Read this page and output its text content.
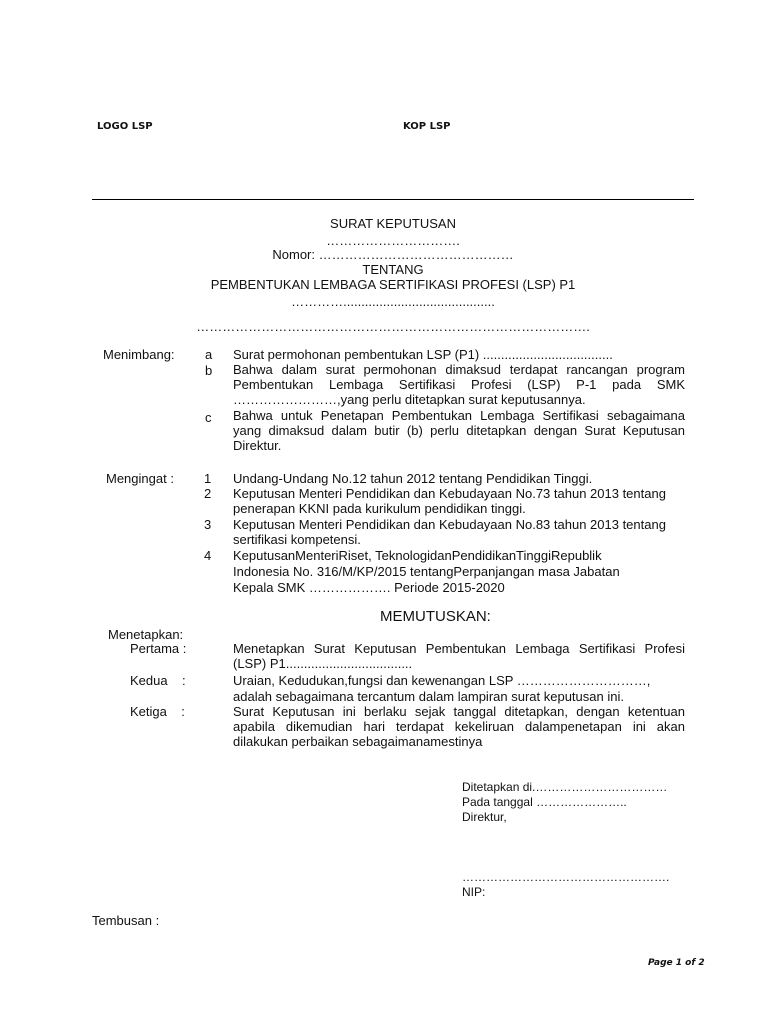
LOGO LSP	KOP LSP
SURAT KEPUTUSAN
………………………….
Nomor: ………………………………………
TENTANG
PEMBENTUKAN LEMBAGA SERTIFIKASI PROFESI (LSP) P1
…………..........................................
……………………………………………………………………………….
Menimbang: a Surat permohonan pembentukan LSP (P1) ....................................
b Bahwa dalam surat permohonan dimaksud terdapat rancangan program Pembentukan Lembaga Sertifikasi Profesi (LSP) P-1 pada SMK ……………………,yang perlu ditetapkan surat keputusannya.
c Bahwa untuk Penetapan Pembentukan Lembaga Sertifikasi sebagaimana yang dimaksud dalam butir (b) perlu ditetapkan dengan Surat Keputusan Direktur.
Mengingat : 1 Undang-Undang No.12 tahun 2012 tentang Pendidikan Tinggi.
2 Keputusan Menteri Pendidikan dan Kebudayaan No.73 tahun 2013 tentang penerapan KKNI pada kurikulum pendidikan tinggi.
3 Keputusan Menteri Pendidikan dan Kebudayaan No.83 tahun 2013 tentang sertifikasi kompetensi.
4 KeputusanMenteriRiset, TeknologidanPendidikanTinggiRepublik
Indonesia No. 316/M/KP/2015 tentangPerpanjangan masa Jabatan
Kepala SMK ………………. Periode 2015-2020
MEMUTUSKAN:
Menetapkan:
Pertama :	Menetapkan Surat Keputusan Pembentukan Lembaga Sertifikasi Profesi (LSP) P1...................................
Kedua    :	Uraian, Kedudukan,fungsi dan kewenangan LSP …………………………,
adalah sebagaimana tercantum dalam lampiran surat keputusan ini.
Ketiga    :	Surat Keputusan ini berlaku sejak tanggal ditetapkan, dengan ketentuan apabila dikemudian hari terdapat kekeliruan dalampenetapan ini akan dilakukan perbaikan sebagaimanamestinya
Ditetapkan di.……………………………
Pada tanggal …………………..
Direktur,
…………………………………………….
NIP:
Tembusan :
Page 1 of 2
